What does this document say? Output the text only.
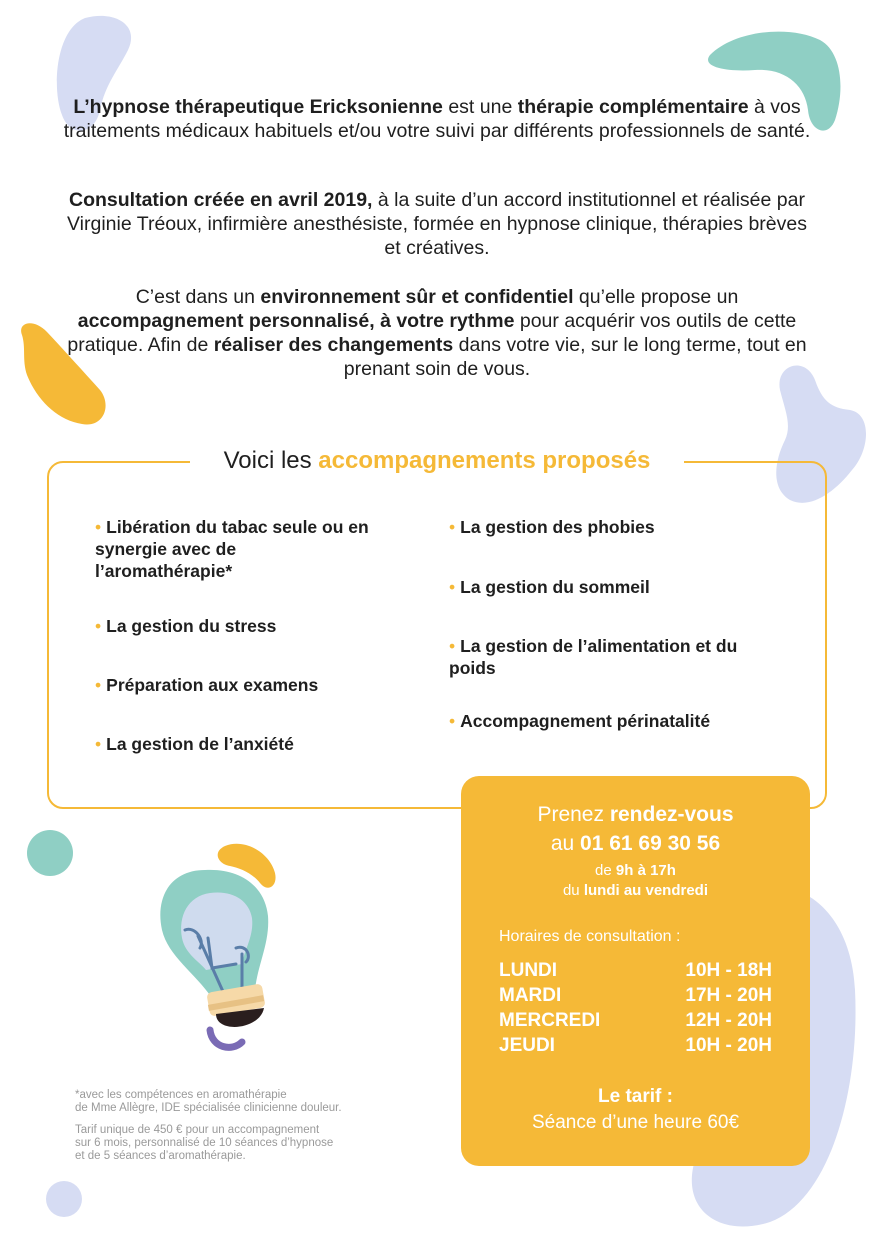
L’hypnose thérapeutique Ericksonienne est une thérapie complémentaire à vos traitements médicaux habituels et/ou votre suivi par différents professionnels de santé.

Consultation créée en avril 2019, à la suite d’un accord institutionnel et réalisée par Virginie Tréoux, infirmière anesthésiste, formée en hypnose clinique, thérapies brèves et créatives.

C’est dans un environnement sûr et confidentiel qu’elle propose un accompagnement personnalisé, à votre rythme pour acquérir vos outils de cette pratique. Afin de réaliser des changements dans votre vie, sur le long terme, tout en prenant soin de vous.

Voici les accompagnements proposés

• Libération du tabac seule ou en synergie avec de l’aromathérapie*

• La gestion du stress

• Préparation aux examens

• La gestion de l’anxiété

• La gestion des phobies

• La gestion du sommeil

• La gestion de l’alimentation et du poids

• Accompagnement périnatalité

Prenez rendez-vous

au 01 61 69 30 56

de 9h à 17h

du lundi au vendredi

Horaires de consultation :

LUNDI	10H - 18H
MARDI	17H - 20H
MERCREDI	12H - 20H
JEUDI	10H - 20H

Le tarif :

Séance d’une heure 60€

*avec les compétences en aromathérapie
de Mme Allègre, IDE spécialisée clinicienne douleur.

Tarif unique de 450 € pour un accompagnement
sur 6 mois, personnalisé de 10 séances d’hypnose
et de 5 séances d’aromathérapie.
